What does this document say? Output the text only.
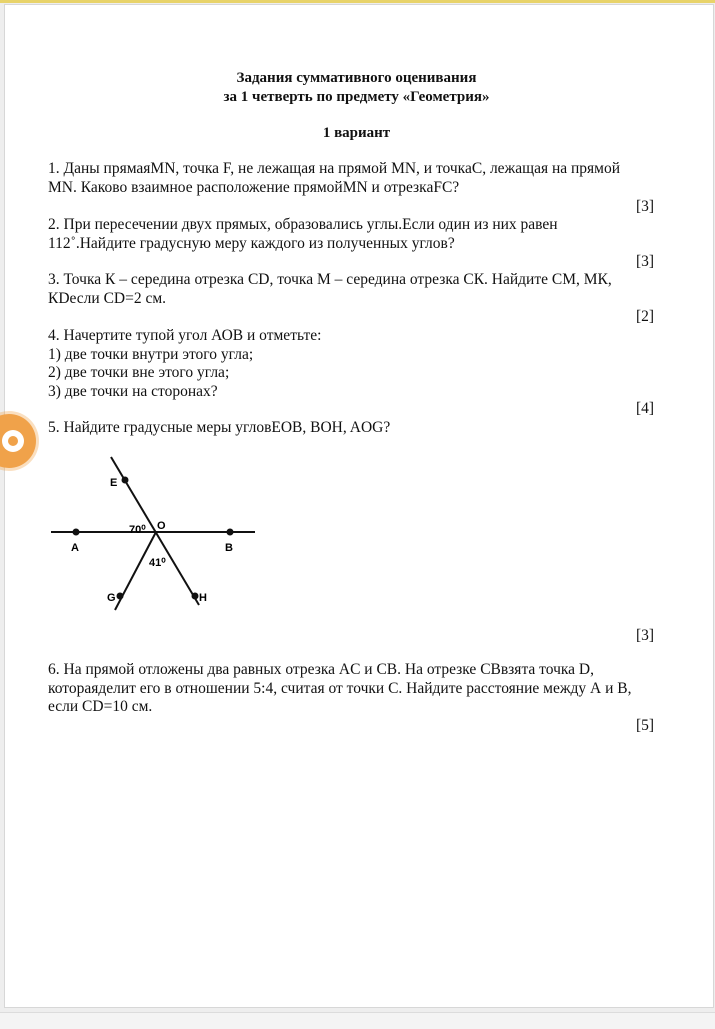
Задания суммативного оценивания
за 1 четверть по предмету «Геометрия»
1 вариант
1. Даны прямаяMN, точка F, не лежащая на прямой MN, и точкаC, лежащая на прямой MN. Каково взаимное расположение прямойMN и отрезкаFC?
[3]
2. При пересечении двух прямых, образовались углы.Если один из них равен 112˚.Найдите градусную меру каждого из полученных углов?
[3]
3. Точка К – середина отрезка CD, точка М – середина отрезка СК. Найдите СМ, МК, КDесли CD=2 см.
[2]
4. Начертите тупой угол АОВ и отметьте:
1) две точки внутри этого угла;
2) две точки вне этого угла;
3) две точки на сторонах?
[4]
5. Найдите градусные меры угловEOB, BOH, AOG?
E
O
A	B
G	H
70⁰
41⁰
[3]
6. На прямой отложены два равных отрезка AC и CB. На отрезке CBвзята точка D, котораяделит его в отношении 5:4, считая от точки C. Найдите расстояние между А и В, если CD=10 см.
[5]
